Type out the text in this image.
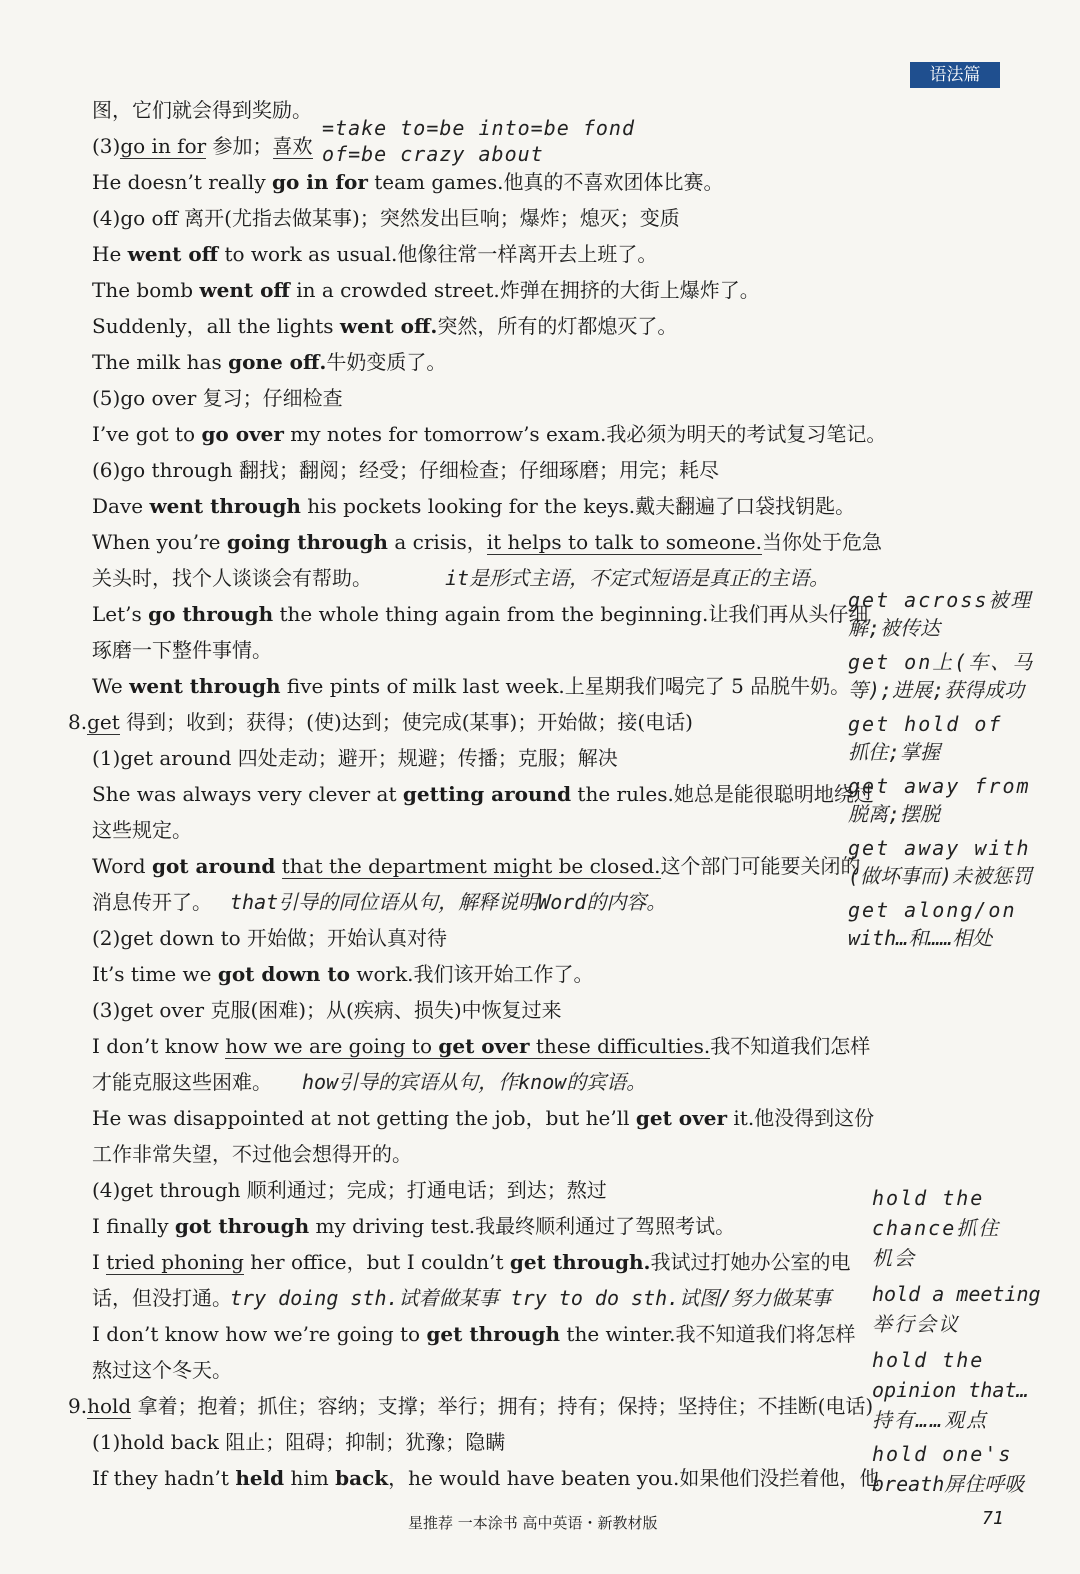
语法篇
图，它们就会得到奖励。
(3)go in for 参加；喜欢
=take to=be into=be fond
of=be crazy about
He doesn’t really go in for team games.他真的不喜欢团体比赛。
(4)go off 离开(尤指去做某事)；突然发出巨响；爆炸；熄灭；变质
He went off to work as usual.他像往常一样离开去上班了。
The bomb went off in a crowded street.炸弹在拥挤的大街上爆炸了。
Suddenly，all the lights went off.突然，所有的灯都熄灭了。
The milk has gone off.牛奶变质了。
(5)go over 复习；仔细检查
I’ve got to go over my notes for tomorrow’s exam.我必须为明天的考试复习笔记。
(6)go through 翻找；翻阅；经受；仔细检查；仔细琢磨；用完；耗尽
Dave went through his pockets looking for the keys.戴夫翻遍了口袋找钥匙。
When you’re going through a crisis，it helps to talk to someone.当你处于危急
关头时，找个人谈谈会有帮助。	it是形式主语，不定式短语是真正的主语。
Let’s go through the whole thing again from the beginning.让我们再从头仔细
琢磨一下整件事情。
We went through five pints of milk last week.上星期我们喝完了 5 品脱牛奶。
8.get 得到；收到；获得；(使)达到；使完成(某事)；开始做；接(电话)
(1)get around 四处走动；避开；规避；传播；克服；解决
She was always very clever at getting around the rules.她总是能很聪明地绕过
这些规定。
Word got around that the department might be closed.这个部门可能要关闭的
消息传开了。 that引导的同位语从句，解释说明Word的内容。
(2)get down to 开始做；开始认真对待
It’s time we got down to work.我们该开始工作了。
(3)get over 克服(困难)；从(疾病、损失)中恢复过来
I don’t know how we are going to get over these difficulties.我不知道我们怎样
才能克服这些困难。 how引导的宾语从句，作know的宾语。
He was disappointed at not getting the job，but he’ll get over it.他没得到这份
工作非常失望，不过他会想得开的。
(4)get through 顺利通过；完成；打通电话；到达；熬过
I finally got through my driving test.我最终顺利通过了驾照考试。
I tried phoning her office，but I couldn’t get through.我试过打她办公室的电
话，但没打通。
try doing sth.试着做某事 try to do sth.试图/努力做某事
I don’t know how we’re going to get through the winter.我不知道我们将怎样
熬过这个冬天。
9.hold 拿着；抱着；抓住；容纳；支撑；举行；拥有；持有；保持；坚持住；不挂断(电话)
(1)hold back 阻止；阻碍；抑制；犹豫；隐瞒
If they hadn’t held him back，he would have beaten you.如果他们没拦着他，他
get across被理
解;被传达
get on上(车、马
等);进展;获得成功
get hold of
抓住;掌握
get away from
脱离;摆脱
get away with
(做坏事而)未被惩罚
get along/on
with…和……相处
hold the
chance抓住
机会
hold a meeting
举行会议
hold the
opinion that…
持有……观点
hold one's
breath屏住呼吸
星推荐 一本涂书 高中英语・新教材版	71
